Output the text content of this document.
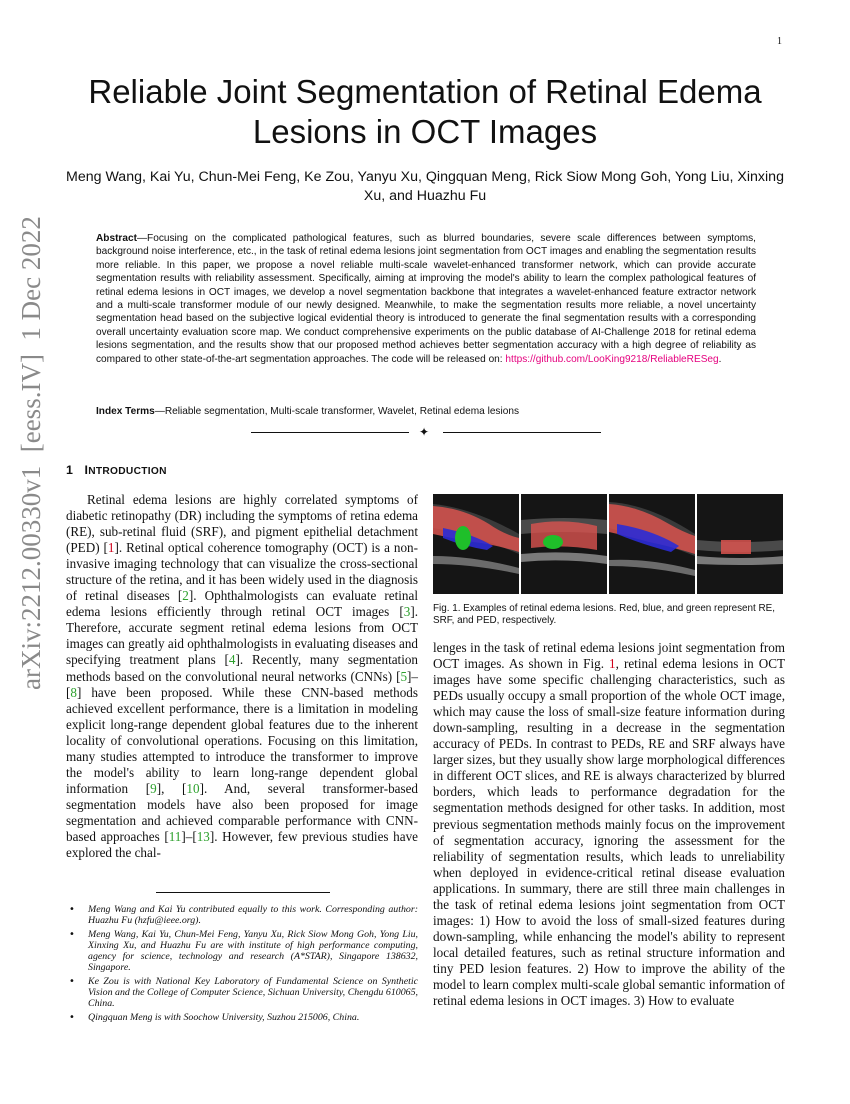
1
arXiv:2212.00330v1  [eess.IV]  1 Dec 2022
Reliable Joint Segmentation of Retinal Edema Lesions in OCT Images
Meng Wang, Kai Yu, Chun-Mei Feng, Ke Zou, Yanyu Xu, Qingquan Meng, Rick Siow Mong Goh, Yong Liu, Xinxing Xu, and Huazhu Fu
Abstract—Focusing on the complicated pathological features, such as blurred boundaries, severe scale differences between symptoms, background noise interference, etc., in the task of retinal edema lesions joint segmentation from OCT images and enabling the segmentation results more reliable. In this paper, we propose a novel reliable multi-scale wavelet-enhanced transformer network, which can provide accurate segmentation results with reliability assessment. Specifically, aiming at improving the model's ability to learn the complex pathological features of retinal edema lesions in OCT images, we develop a novel segmentation backbone that integrates a wavelet-enhanced feature extractor network and a multi-scale transformer module of our newly designed. Meanwhile, to make the segmentation results more reliable, a novel uncertainty segmentation head based on the subjective logical evidential theory is introduced to generate the final segmentation results with a corresponding overall uncertainty evaluation score map. We conduct comprehensive experiments on the public database of AI-Challenge 2018 for retinal edema lesions segmentation, and the results show that our proposed method achieves better segmentation accuracy with a high degree of reliability as compared to other state-of-the-art segmentation approaches. The code will be released on: https://github.com/LooKing9218/ReliableRESeg.
Index Terms—Reliable segmentation, Multi-scale transformer, Wavelet, Retinal edema lesions
✦
1 INTRODUCTION

Retinal edema lesions are highly correlated symptoms of diabetic retinopathy (DR) including the symptoms of retina edema (RE), sub-retinal fluid (SRF), and pigment epithelial detachment (PED) [1]. Retinal optical coherence tomography (OCT) is a non-invasive imaging technology that can visualize the cross-sectional structure of the retina, and it has been widely used in the diagnosis of retinal diseases [2]. Ophthalmologists can evaluate retinal edema lesions efficiently through retinal OCT images [3]. Therefore, accurate segment retinal edema lesions from OCT images can greatly aid ophthalmologists in evaluating diseases and specifying treatment plans [4]. Recently, many segmentation methods based on the convolutional neural networks (CNNs) [5]–[8] have been proposed. While these CNN-based methods achieved excellent performance, there is a limitation in modeling explicit long-range dependent global features due to the inherent locality of convolutional operations. Focusing on this limitation, many studies attempted to introduce the transformer to improve the model's ability to learn long-range dependent global information [9], [10]. And, several transformer-based segmentation models have also been proposed for image segmentation and achieved comparable performance with CNN-based approaches [11]–[13]. However, few previous studies have explored the chal-

• Meng Wang and Kai Yu contributed equally to this work. Corresponding author: Huazhu Fu (hzfu@ieee.org).
• Meng Wang, Kai Yu, Chun-Mei Feng, Yanyu Xu, Rick Siow Mong Goh, Yong Liu, Xinxing Xu, and Huazhu Fu are with institute of high performance computing, agency for science, technology and research (A*STAR), Singapore 138632, Singapore.
• Ke Zou is with National Key Laboratory of Fundamental Science on Synthetic Vision and the College of Computer Science, Sichuan University, Chengdu 610065, China.
• Qingquan Meng is with Soochow University, Suzhou 215006, China.
Fig. 1. Examples of retinal edema lesions. Red, blue, and green represent RE, SRF, and PED, respectively.

lenges in the task of retinal edema lesions joint segmentation from OCT images. As shown in Fig. 1, retinal edema lesions in OCT images have some specific challenging characteristics, such as PEDs usually occupy a small proportion of the whole OCT image, which may cause the loss of small-size feature information during down-sampling, resulting in a decrease in the segmentation accuracy of PEDs. In contrast to PEDs, RE and SRF always have larger sizes, but they usually show large morphological differences in different OCT slices, and RE is always characterized by blurred borders, which leads to performance degradation for the segmentation methods designed for other tasks. In addition, most previous segmentation methods mainly focus on the improvement of segmentation accuracy, ignoring the assessment for the reliability of segmentation results, which leads to unreliability when deployed in evidence-critical retinal disease evaluation applications. In summary, there are still three main challenges in the task of retinal edema lesions joint segmentation from OCT images: 1) How to avoid the loss of small-sized features during down-sampling, while enhancing the model's ability to represent local detailed features, such as retinal structure information and tiny PED lesion features. 2) How to improve the ability of the model to learn complex multi-scale global semantic information of retinal edema lesions in OCT images. 3) How to evaluate
